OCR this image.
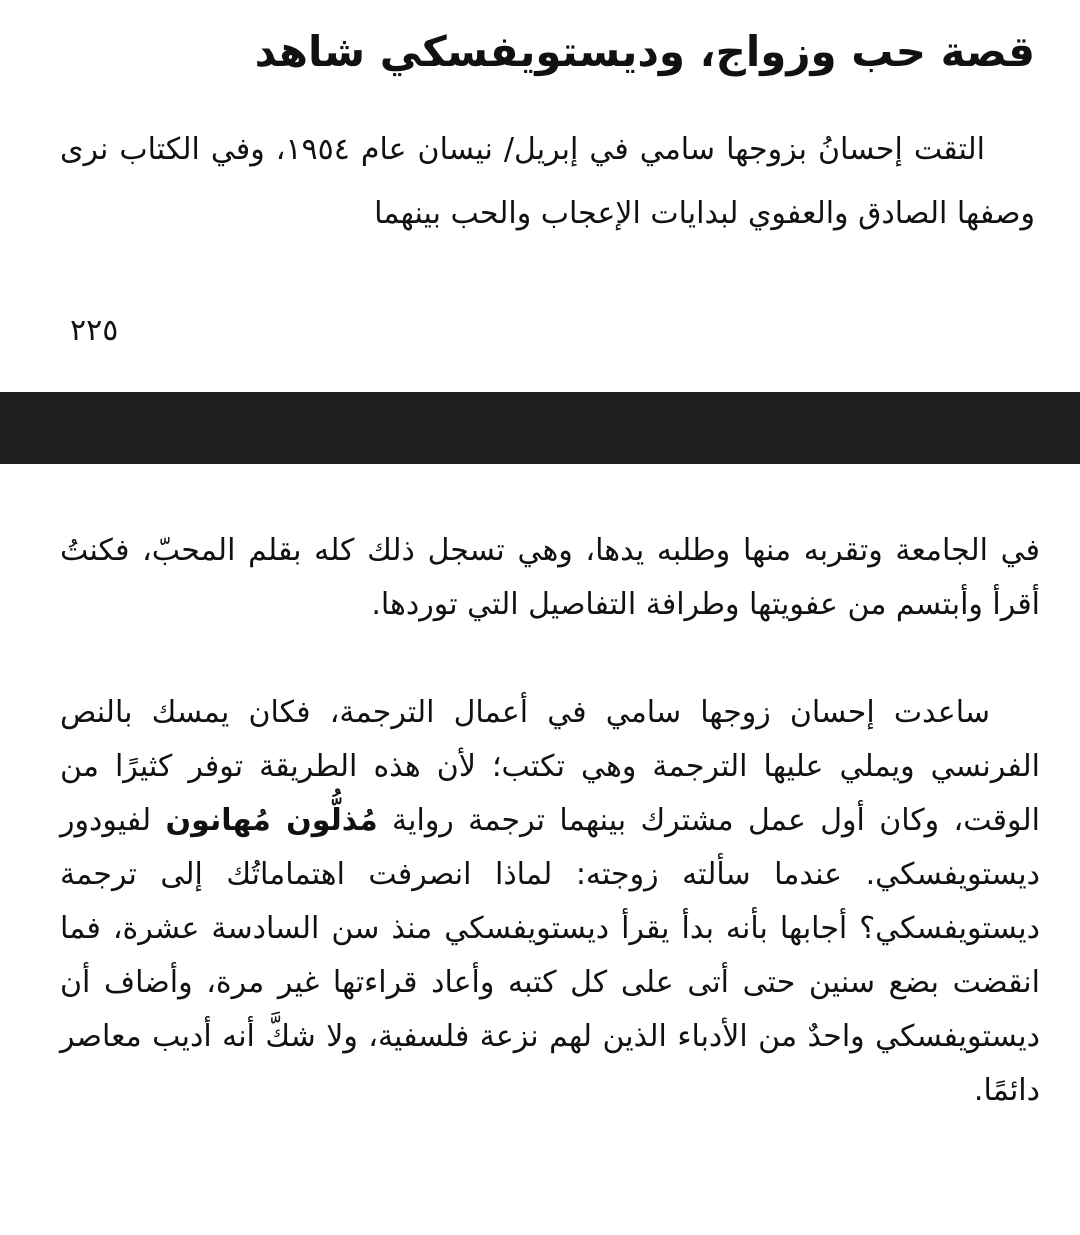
قصة حب وزواج، وديستويفسكي شاهد

التقت إحسانُ بزوجها سامي في إبريل/ نيسان عام ١٩٥٤، وفي الكتاب نرى وصفها الصادق والعفوي لبدايات الإعجاب والحب بينهما

٢٢٥

في الجامعة وتقربه منها وطلبه يدها، وهي تسجل ذلك كله بقلم المحبّ، فكنتُ أقرأ وأبتسم من عفويتها وطرافة التفاصيل التي توردها.

ساعدت إحسان زوجها سامي في أعمال الترجمة، فكان يمسك بالنص الفرنسي ويملي عليها الترجمة وهي تكتب؛ لأن هذه الطريقة توفر كثيرًا من الوقت، وكان أول عمل مشترك بينهما ترجمة رواية مُذلُّون مُهانون لفيودور ديستويفسكي. عندما سألته زوجته: لماذا انصرفت اهتماماتُك إلى ترجمة ديستويفسكي؟ أجابها بأنه بدأ يقرأ ديستويفسكي منذ سن السادسة عشرة، فما انقضت بضع سنين حتى أتى على كل كتبه وأعاد قراءتها غير مرة، وأضاف أن ديستويفسكي واحدٌ من الأدباء الذين لهم نزعة فلسفية، ولا شكَّ أنه أديب معاصر دائمًا.
